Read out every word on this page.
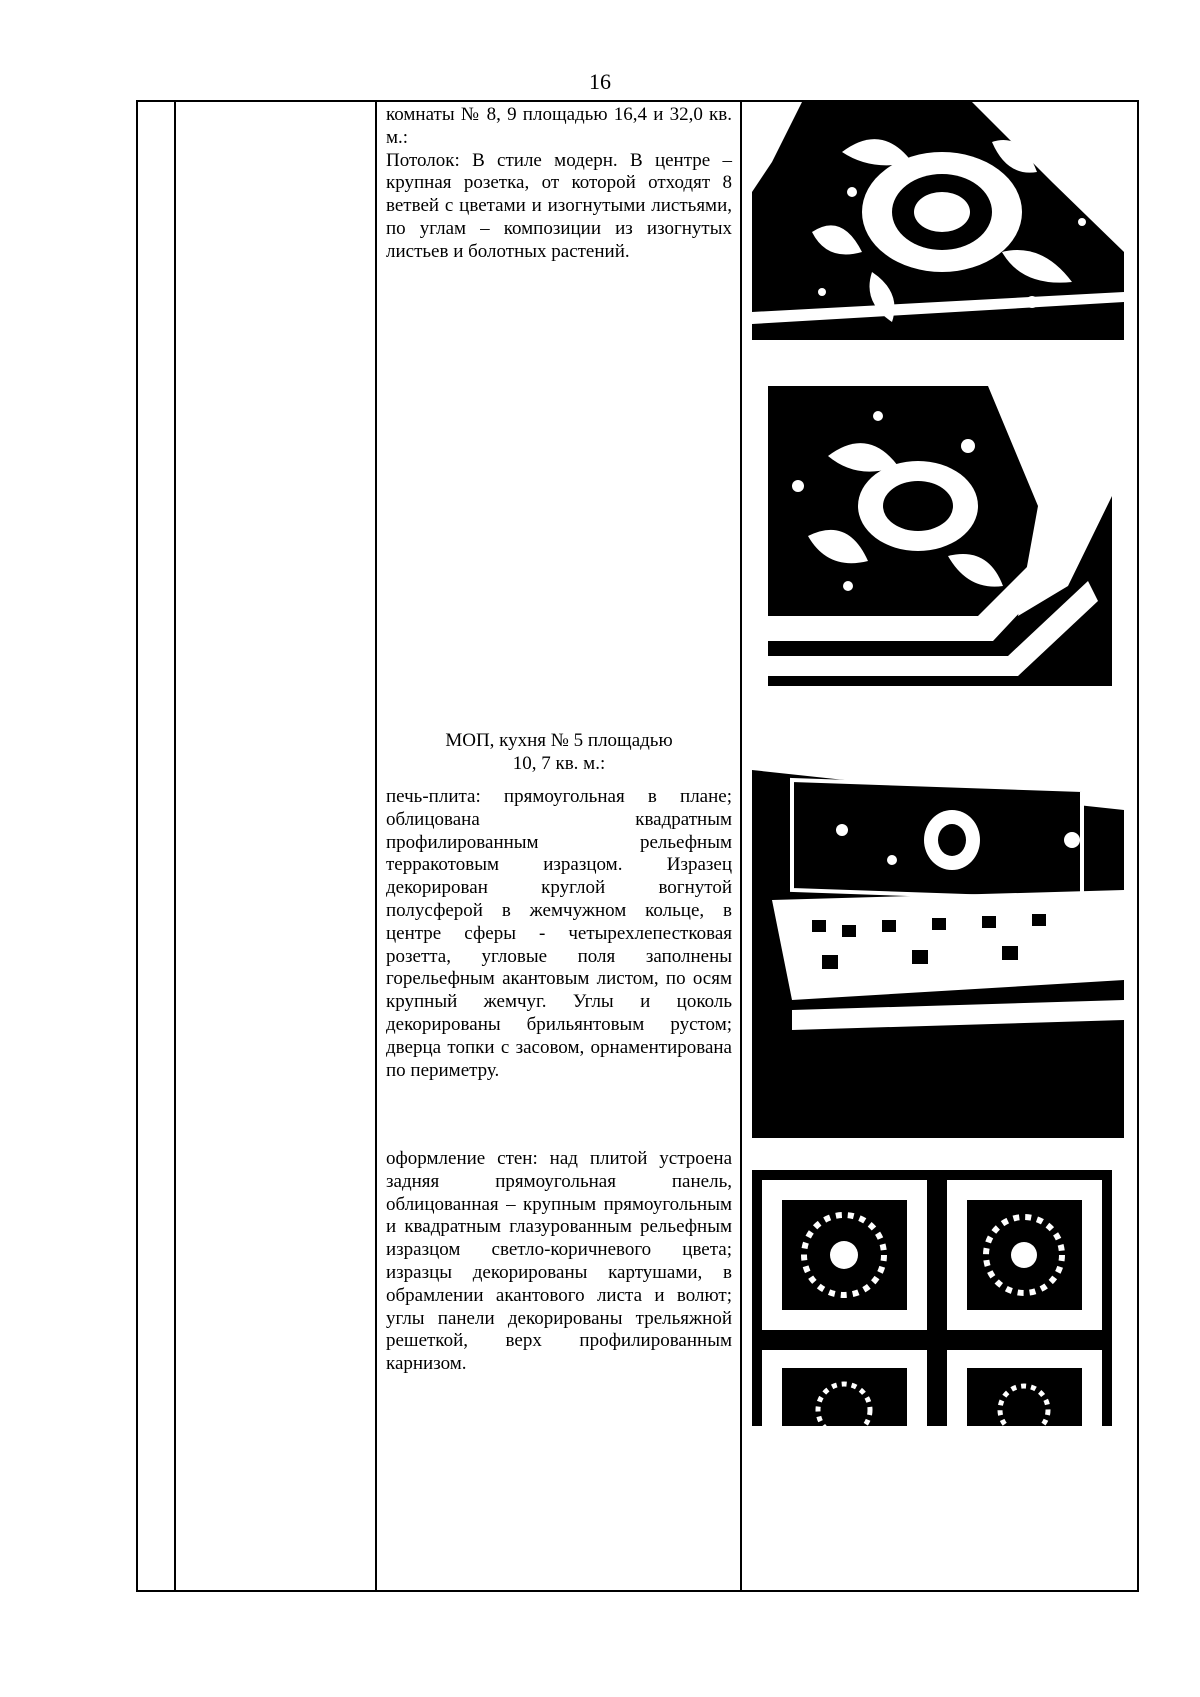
16

комнаты № 8, 9 площадью 16,4 и 32,0 кв. м.:

Потолок: В стиле модерн. В центре – крупная розетка, от которой отходят 8 ветвей с цветами и изогнутыми листьями, по углам – композиции из изогнутых листьев и болотных растений.

МОП, кухня № 5 площадью
10, 7 кв. м.:

печь-плита: прямоугольная в плане; облицована квадратным профилированным рельефным терракотовым изразцом. Изразец декорирован круглой вогнутой полусферой в жемчужном кольце, в центре сферы - четырехлепестковая розетта, угловые поля заполнены горельефным акантовым листом, по осям крупный жемчуг. Углы и цоколь декорированы брильянтовым рустом; дверца топки с засовом, орнаментирована по периметру.

оформление стен: над плитой устроена задняя прямоугольная панель, облицованная – крупным прямоугольным и квадратным глазурованным рельефным изразцом светло-коричневого цвета; изразцы декорированы картушами, в обрамлении акантового листа и волют; углы панели декорированы трельяжной решеткой, верх профилированным карнизом.
